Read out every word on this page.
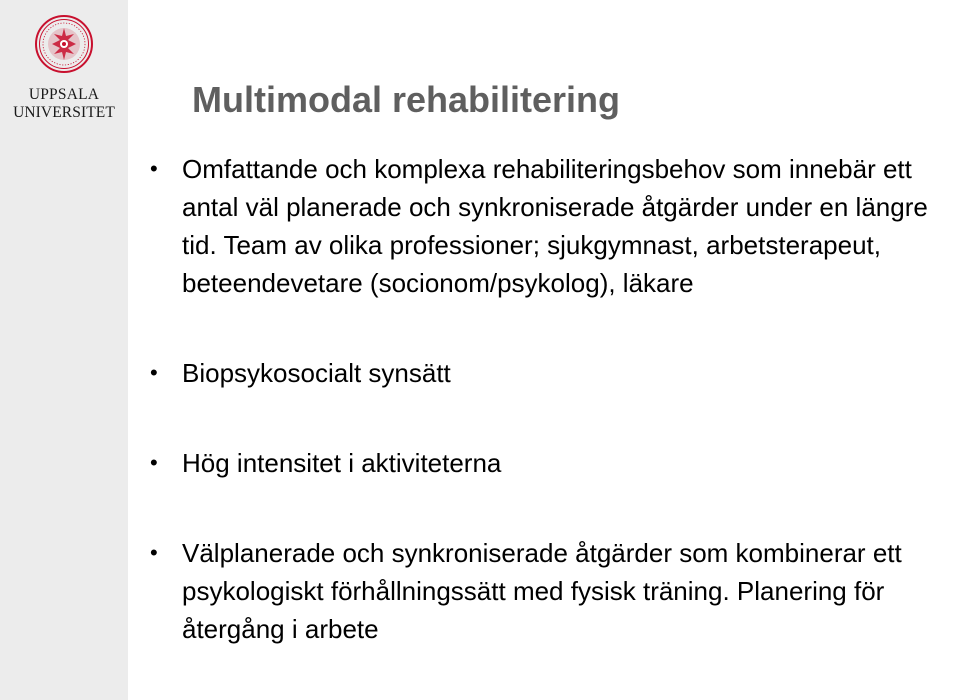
UPPSALA
UNIVERSITET	Multimodal rehabilitering
• Omfattande och komplexa rehabiliteringsbehov som innebär ett antal väl planerade och synkroniserade åtgärder under en längre tid. Team av olika professioner; sjukgymnast, arbetsterapeut, beteendevetare (socionom/psykolog), läkare
• Biopsykosocialt synsätt
• Hög intensitet i aktiviteterna
• Välplanerade och synkroniserade åtgärder som kombinerar ett psykologiskt förhållningssätt med fysisk träning. Planering för återgång i arbete
